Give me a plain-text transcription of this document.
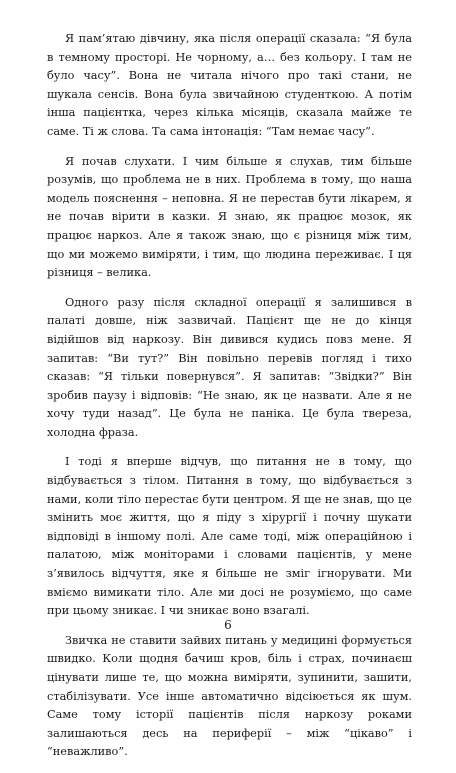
Я пам’ятаю дівчину, яка після операції сказала: “Я була в темному просторі. Не чорному, а… без кольору. І там не було часу”. Вона не читала нічого про такі стани, не шукала сенсів. Вона була звичайною студенткою. А потім інша пацієнтка, через кілька місяців, сказала майже те саме. Ті ж слова. Та сама інтонація: “Там немає часу”.

Я почав слухати. І чим більше я слухав, тим більше розумів, що проблема не в них. Проблема в тому, що наша модель пояснення – неповна. Я не перестав бути лікарем, я не почав вірити в казки. Я знаю, як працює мозок, як працює наркоз. Але я також знаю, що є різниця між тим, що ми можемо виміряти, і тим, що людина переживає. І ця різниця – велика.

Одного разу після складної операції я залишився в палаті довше, ніж зазвичай. Пацієнт ще не до кінця відійшов від наркозу. Він дивився кудись повз мене. Я запитав: “Ви тут?” Він повільно перевів погляд і тихо сказав: “Я тільки повернувся”. Я запитав: “Звідки?” Він зробив паузу і відповів: “Не знаю, як це назвати. Але я не хочу туди назад”. Це була не паніка. Це була твереза, холодна фраза.

І тоді я вперше відчув, що питання не в тому, що відбувається з тілом. Питання в тому, що відбувається з нами, коли тіло перестає бути центром. Я ще не знав, що це змінить моє життя, що я піду з хірургії і почну шукати відповіді в іншому полі. Але саме тоді, між операційною і палатою, між моніторами і словами пацієнтів, у мене з’явилось відчуття, яке я більше не зміг ігнорувати. Ми вміємо вимикати тіло. Але ми досі не розуміємо, що саме при цьому зникає. І чи зникає воно взагалі.

Звичка не ставити зайвих питань у медицині формується швидко. Коли щодня бачиш кров, біль і страх, починаєш цінувати лише те, що можна виміряти, зупинити, зашити, стабілізувати. Усе інше автоматично відсіюється як шум. Саме тому історії пацієнтів після наркозу роками залишаються десь на периферії – між “цікаво” і “неважливо”.

6
